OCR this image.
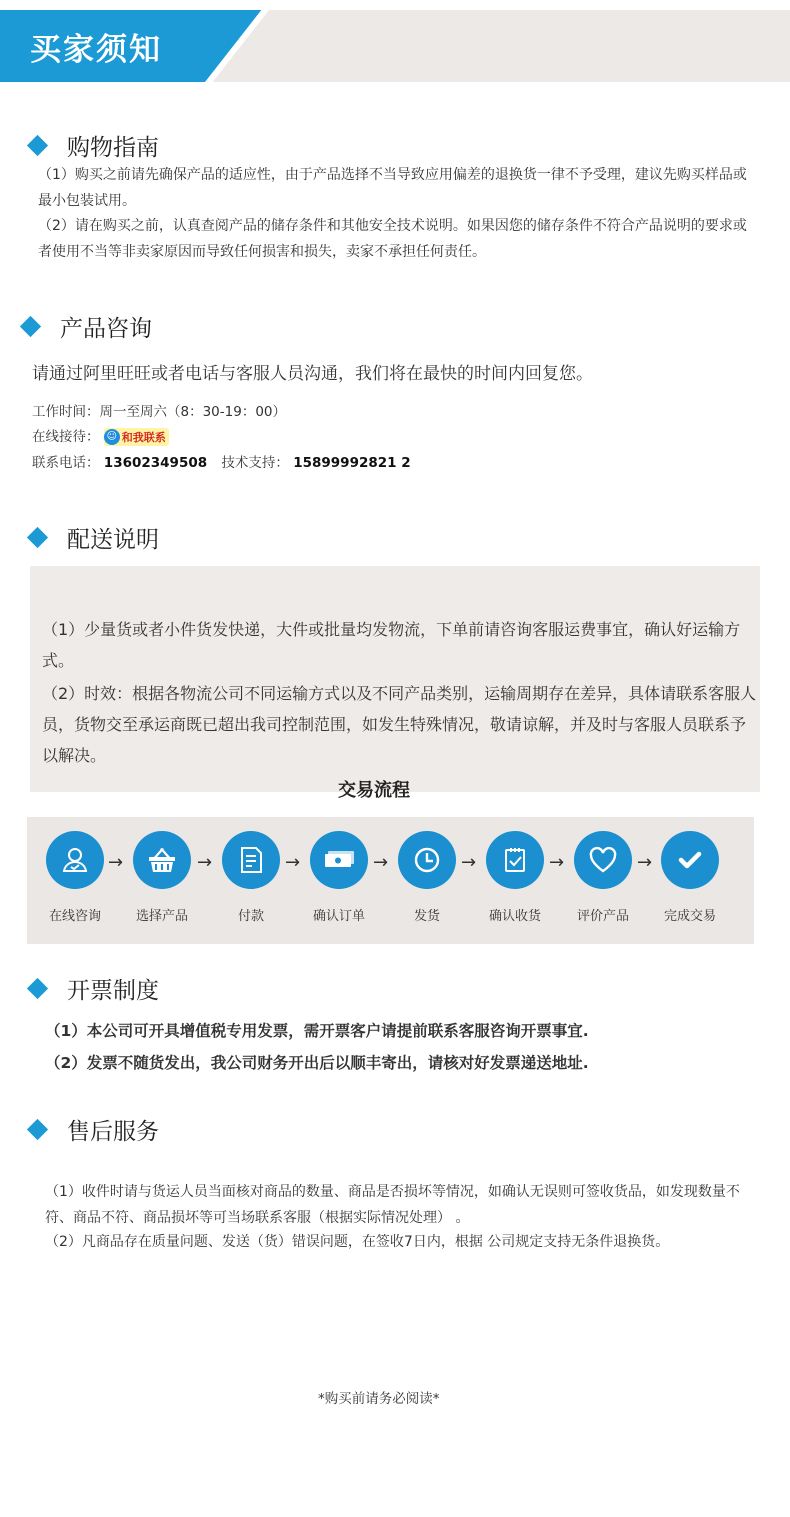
买家须知
购物指南

（1）购买之前请先确保产品的适应性，由于产品选择不当导致应用偏差的退换货一律不予受理，建议先购买样品或最小包装试用。

（2）请在购买之前，认真查阅产品的储存条件和其他安全技术说明。如果因您的储存条件不符合产品说明的要求或者使用不当等非卖家原因而导致任何损害和损失，卖家不承担任何责任。

产品咨询
请通过阿里旺旺或者电话与客服人员沟通，我们将在最快的时间内回复您。
工作时间：周一至周六（8：30-19：00）
在线接待： ☺ 和我联系
联系电话： 13602349508 技术支持： 15899992821 2
配送说明

（1）少量货或者小件货发快递，大件或批量均发物流，下单前请咨询客服运费事宜，确认好运输方式。

（2）时效：根据各物流公司不同运输方式以及不同产品类别，运输周期存在差异，具体请联系客服人员，货物交至承运商既已超出我司控制范围，如发生特殊情况，敬请谅解，并及时与客服人员联系予以解决。

交易流程
在线咨询
→
选择产品
→
付款
→
确认订单
→
发货
→
确认收货
→
评价产品
→
完成交易
开票制度
（1）本公司可开具增值税专用发票，需开票客户请提前联系客服咨询开票事宜.
（2）发票不随货发出，我公司财务开出后以顺丰寄出，请核对好发票递送地址.
售后服务

（1）收件时请与货运人员当面核对商品的数量、商品是否损坏等情况，如确认无误则可签收货品，如发现数量不符、商品不符、商品损坏等可当场联系客服（根据实际情况处理） 。

（2）凡商品存在质量问题、发送（货）错误问题，在签收7日内，根据 公司规定支持无条件退换货。

*购买前请务必阅读*
